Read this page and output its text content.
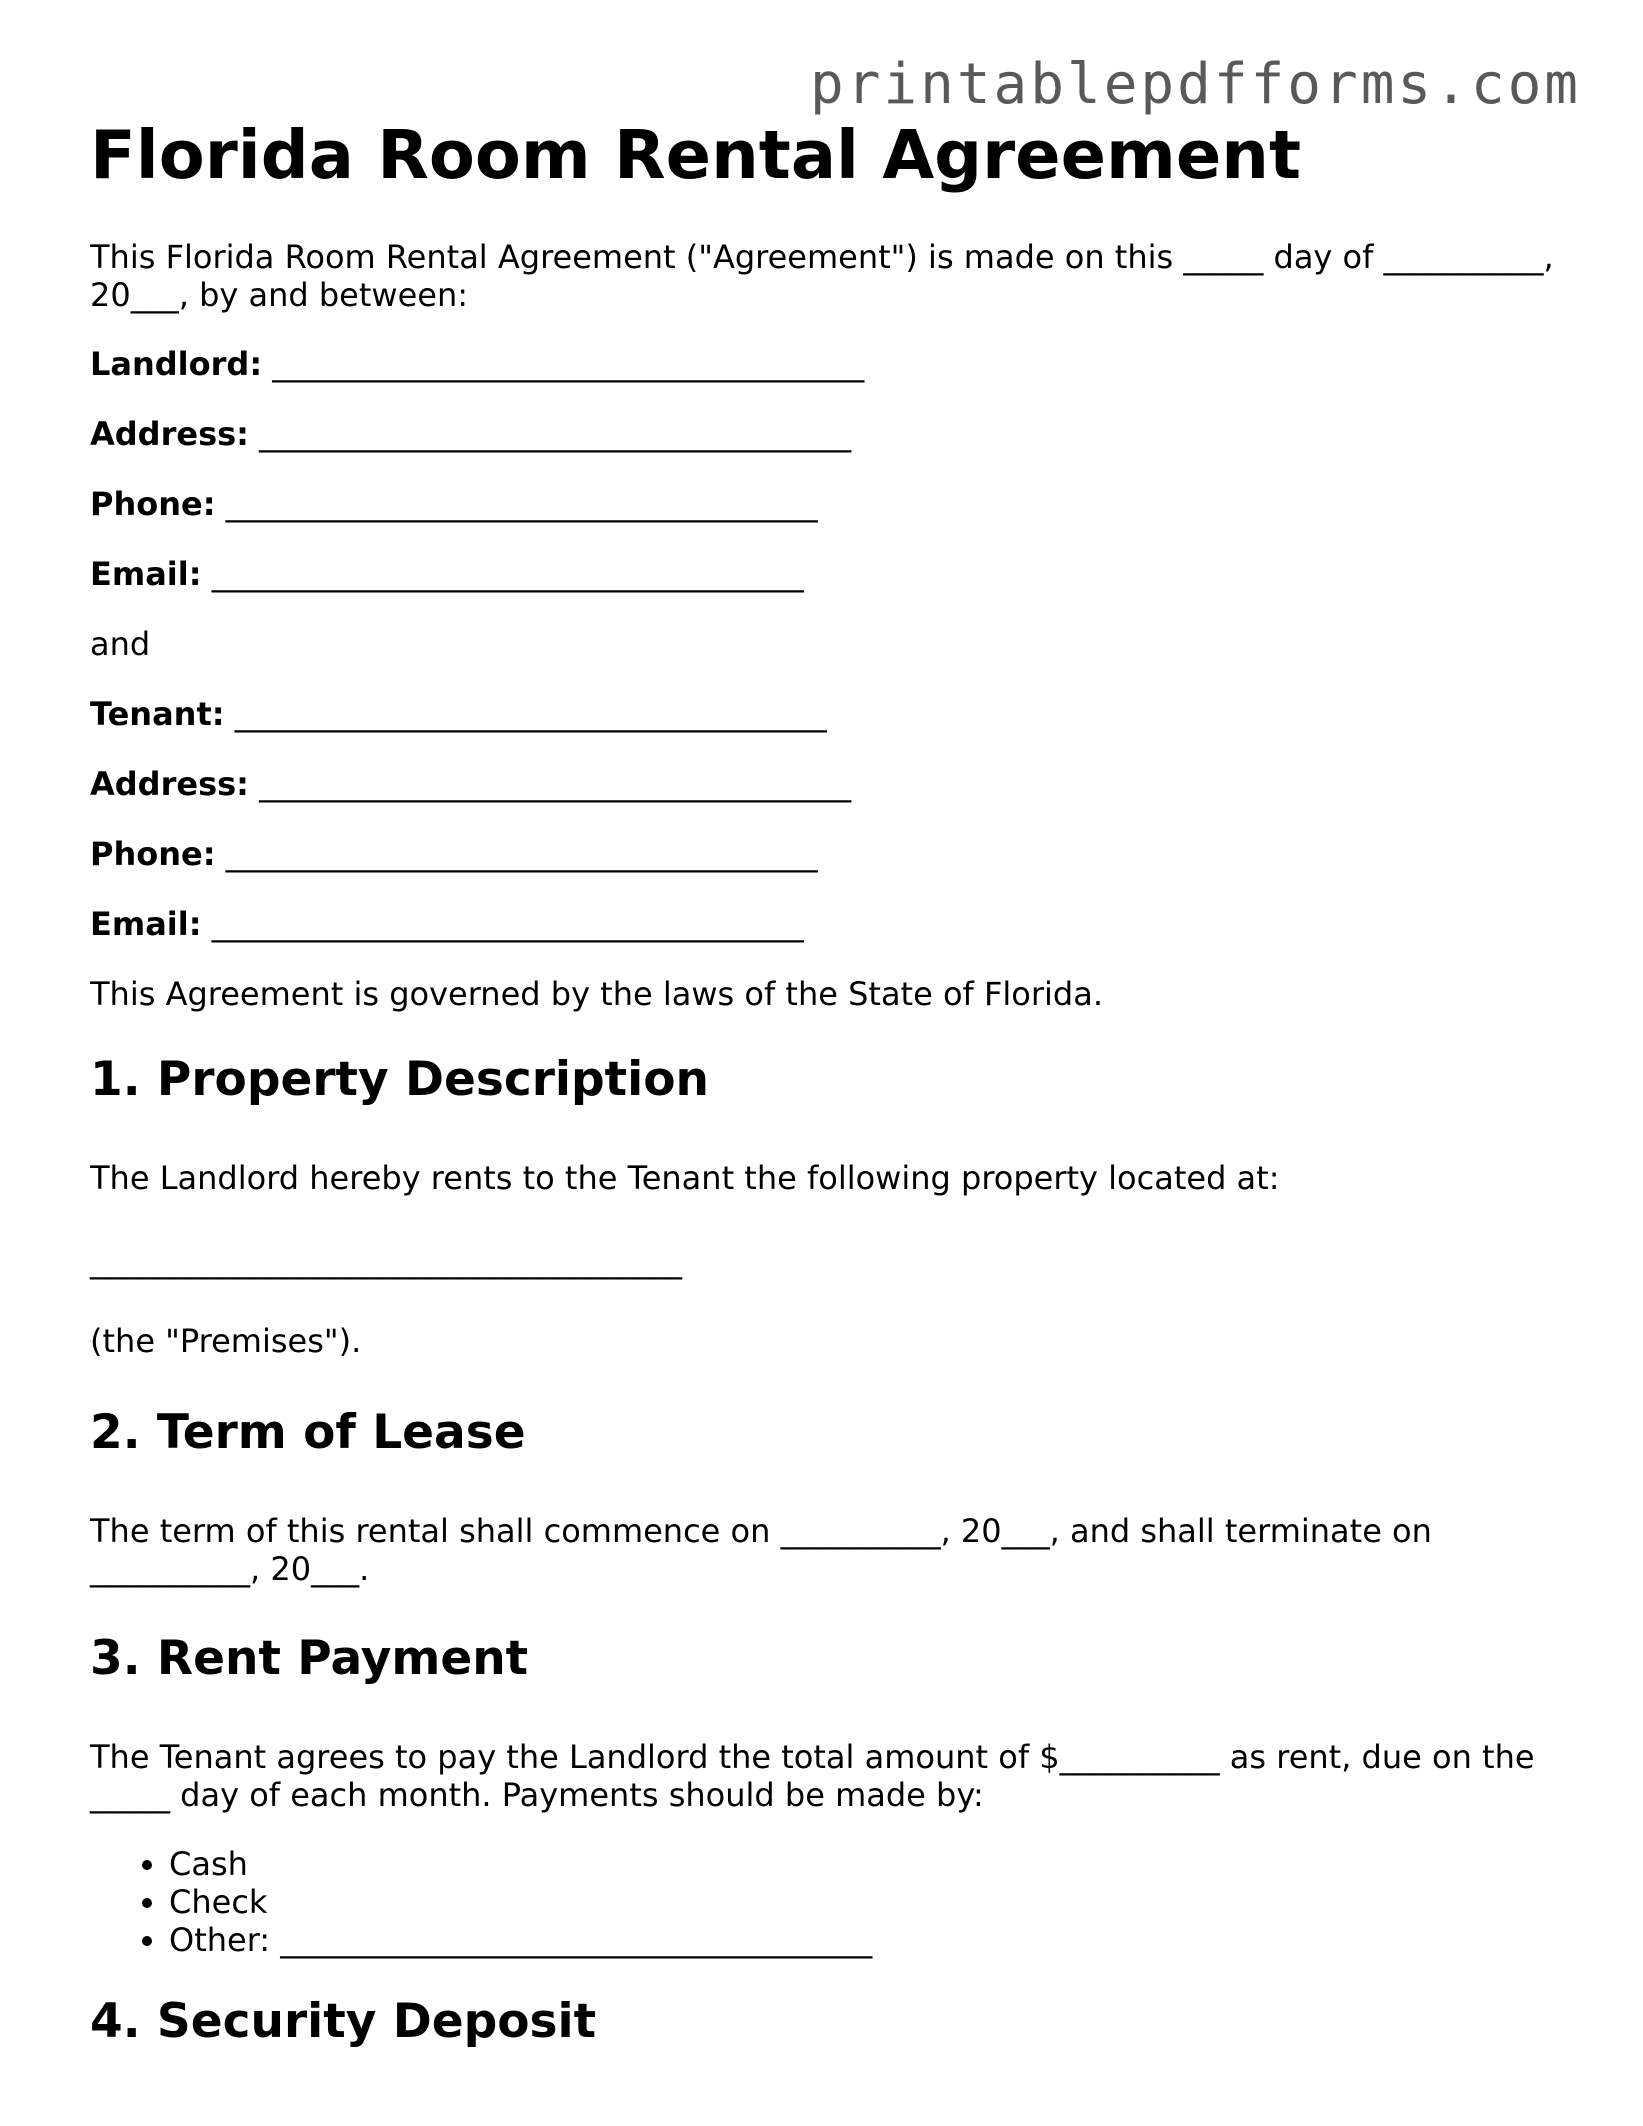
printablepdfforms.com
Florida Room Rental Agreement

This Florida Room Rental Agreement ("Agreement") is made on this _____ day of __________, 20___, by and between:

Landlord: _____________________________________
Address: _____________________________________
Phone: _____________________________________
Email: _____________________________________

and

Tenant: _____________________________________
Address: _____________________________________
Phone: _____________________________________
Email: _____________________________________

This Agreement is governed by the laws of the State of Florida.

1. Property Description

The Landlord hereby rents to the Tenant the following property located at:

_____________________________________

(the "Premises").

2. Term of Lease

The term of this rental shall commence on __________, 20___, and shall terminate on __________, 20___.

3. Rent Payment

The Tenant agrees to pay the Landlord the total amount of $__________ as rent, due on the _____ day of each month. Payments should be made by:

• Cash
• Check
• Other: _____________________________________
4. Security Deposit
